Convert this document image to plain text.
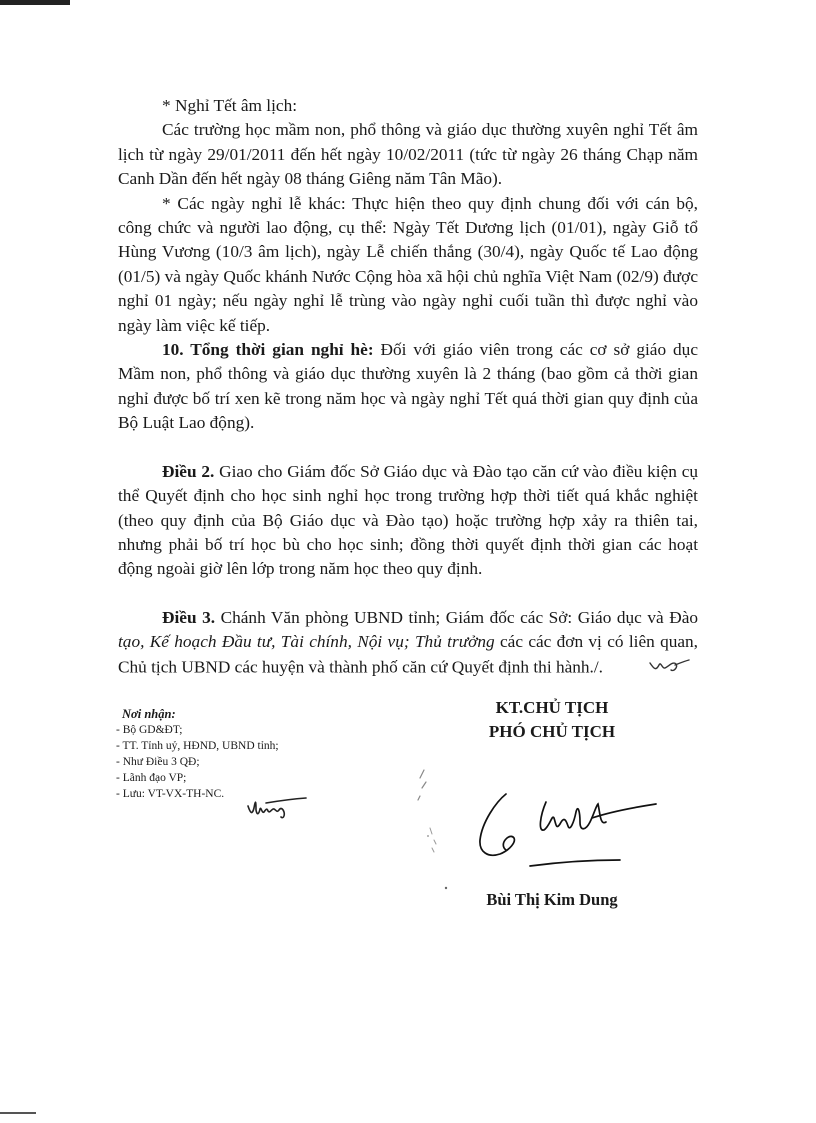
* Nghỉ Tết âm lịch:

Các trường học mầm non, phổ thông và giáo dục thường xuyên nghỉ Tết âm lịch từ ngày 29/01/2011 đến hết ngày 10/02/2011 (tức từ ngày 26 tháng Chạp năm Canh Dần đến hết ngày 08 tháng Giêng năm Tân Mão).

* Các ngày nghỉ lễ khác: Thực hiện theo quy định chung đối với cán bộ, công chức và người lao động, cụ thể: Ngày Tết Dương lịch (01/01), ngày Giỗ tổ Hùng Vương (10/3 âm lịch), ngày Lễ chiến thắng (30/4), ngày Quốc tế Lao động (01/5) và ngày Quốc khánh Nước Cộng hòa xã hội chủ nghĩa Việt Nam (02/9) được nghỉ 01 ngày; nếu ngày nghỉ lễ trùng vào ngày nghỉ cuối tuần thì được nghỉ vào ngày làm việc kế tiếp.

10. Tổng thời gian nghỉ hè: Đối với giáo viên trong các cơ sở giáo dục Mầm non, phổ thông và giáo dục thường xuyên là 2 tháng (bao gồm cả thời gian nghỉ được bố trí xen kẽ trong năm học và ngày nghỉ Tết quá thời gian quy định của Bộ Luật Lao động).

Điều 2. Giao cho Giám đốc Sở Giáo dục và Đào tạo căn cứ vào điều kiện cụ thể Quyết định cho học sinh nghỉ học trong trường hợp thời tiết quá khắc nghiệt (theo quy định của Bộ Giáo dục và Đào tạo) hoặc trường hợp xảy ra thiên tai, nhưng phải bố trí học bù cho học sinh; đồng thời quyết định thời gian các hoạt động ngoài giờ lên lớp trong năm học theo quy định.

Điều 3. Chánh Văn phòng UBND tỉnh; Giám đốc các Sở: Giáo dục và Đào tạo, Kế hoạch Đầu tư, Tài chính, Nội vụ; Thủ trưởng các các đơn vị có liên quan, Chủ tịch UBND các huyện và thành phố căn cứ Quyết định thi hành./.

Nơi nhận:
- Bộ GD&ĐT;
- TT. Tỉnh uỷ, HĐND, UBND tỉnh;
- Như Điều 3 QĐ;
- Lãnh đạo VP;
- Lưu: VT-VX-TH-NC.
KT.CHỦ TỊCH
PHÓ CHỦ TỊCH
Bùi Thị Kim Dung
